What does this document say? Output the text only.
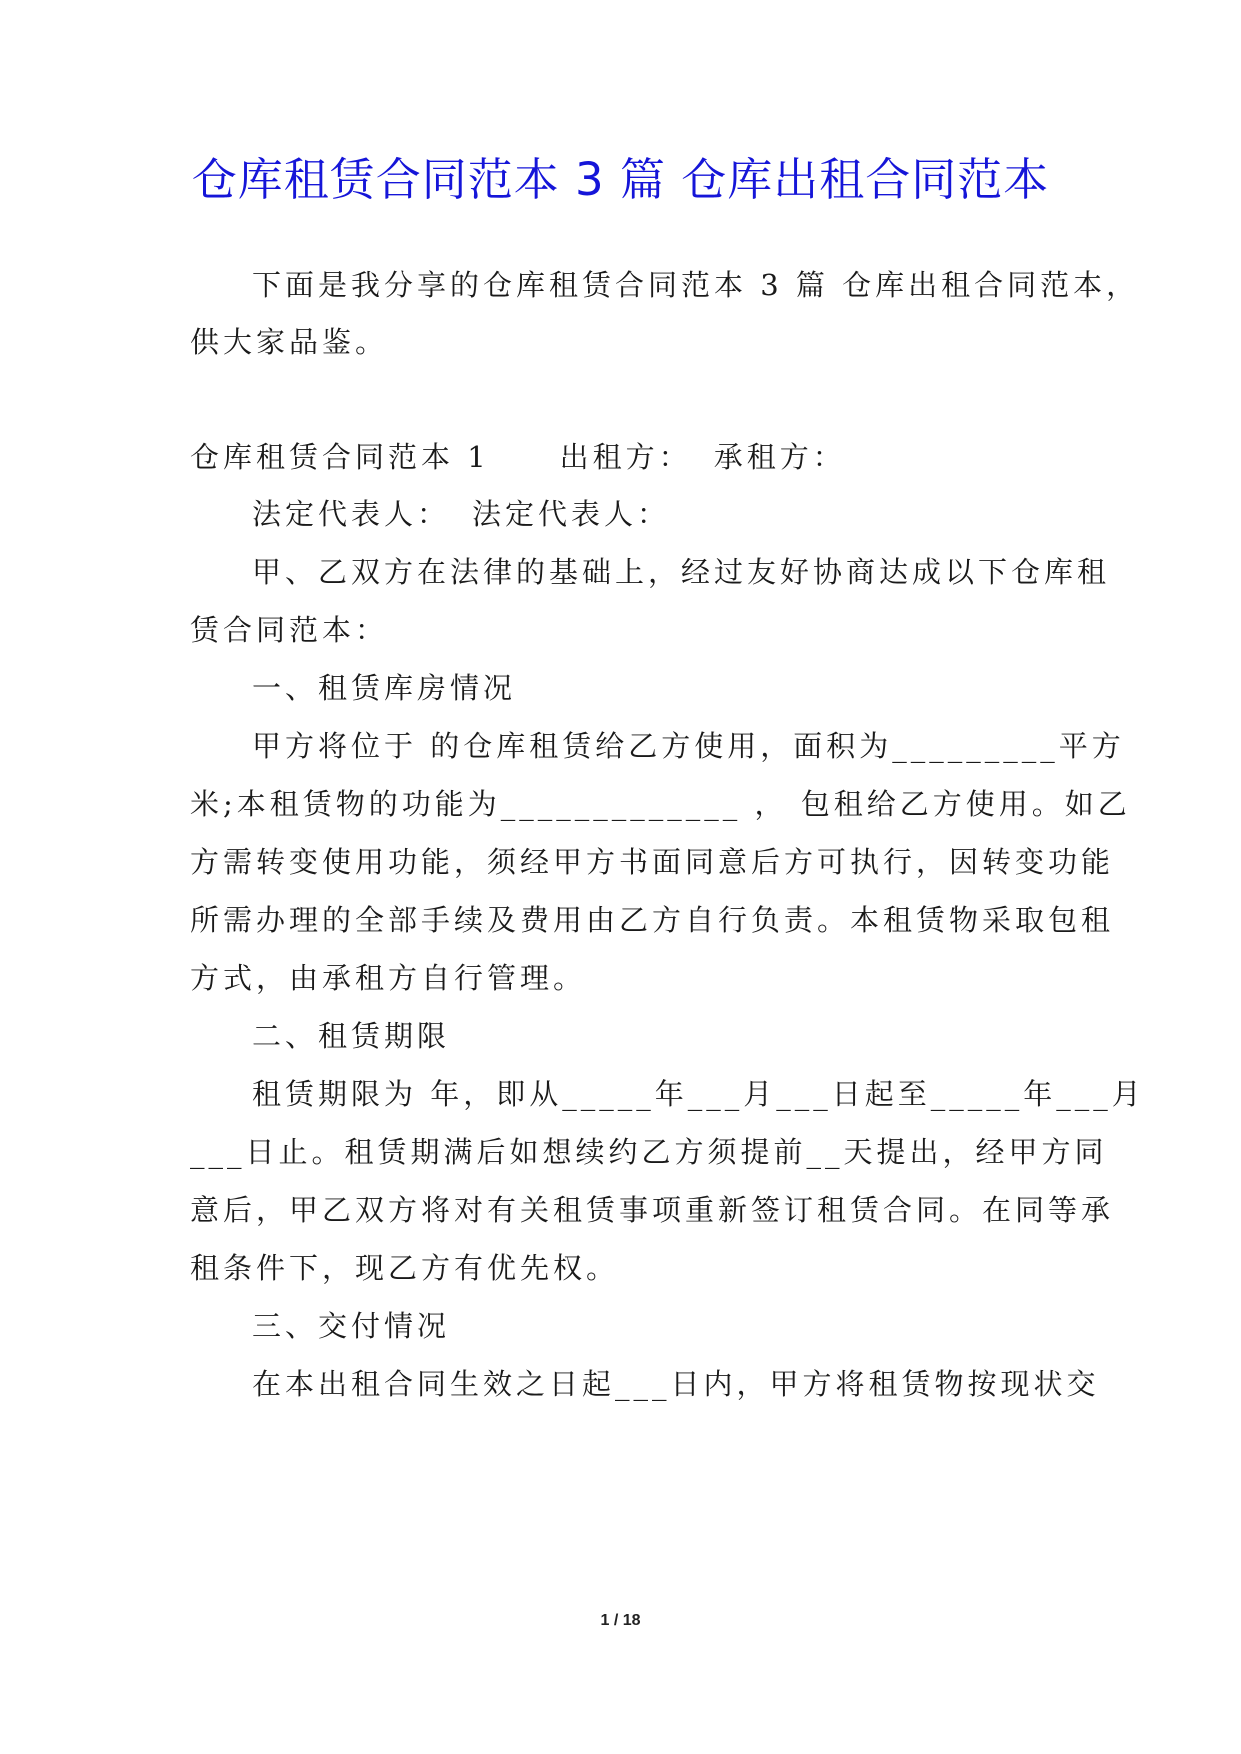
仓库租赁合同范本 3 篇 仓库出租合同范本
下面是我分享的仓库租赁合同范本 3 篇 仓库出租合同范本，
供大家品鉴。
仓库租赁合同范本 1 出租方： 承租方：
法定代表人： 法定代表人：
甲、乙双方在法律的基础上，经过友好协商达成以下仓库租
赁合同范本：
一、租赁库房情况
甲方将位于 的仓库租赁给乙方使用，面积为_________平方
米;本租赁物的功能为_____________ ， 包租给乙方使用。如乙
方需转变使用功能，须经甲方书面同意后方可执行，因转变功能
所需办理的全部手续及费用由乙方自行负责。本租赁物采取包租
方式，由承租方自行管理。
二、租赁期限
租赁期限为 年，即从_____年___月___日起至_____年___月
___日止。租赁期满后如想续约乙方须提前__天提出，经甲方同
意后，甲乙双方将对有关租赁事项重新签订租赁合同。在同等承
租条件下，现乙方有优先权。
三、交付情况
在本出租合同生效之日起___日内，甲方将租赁物按现状交
1 / 18
